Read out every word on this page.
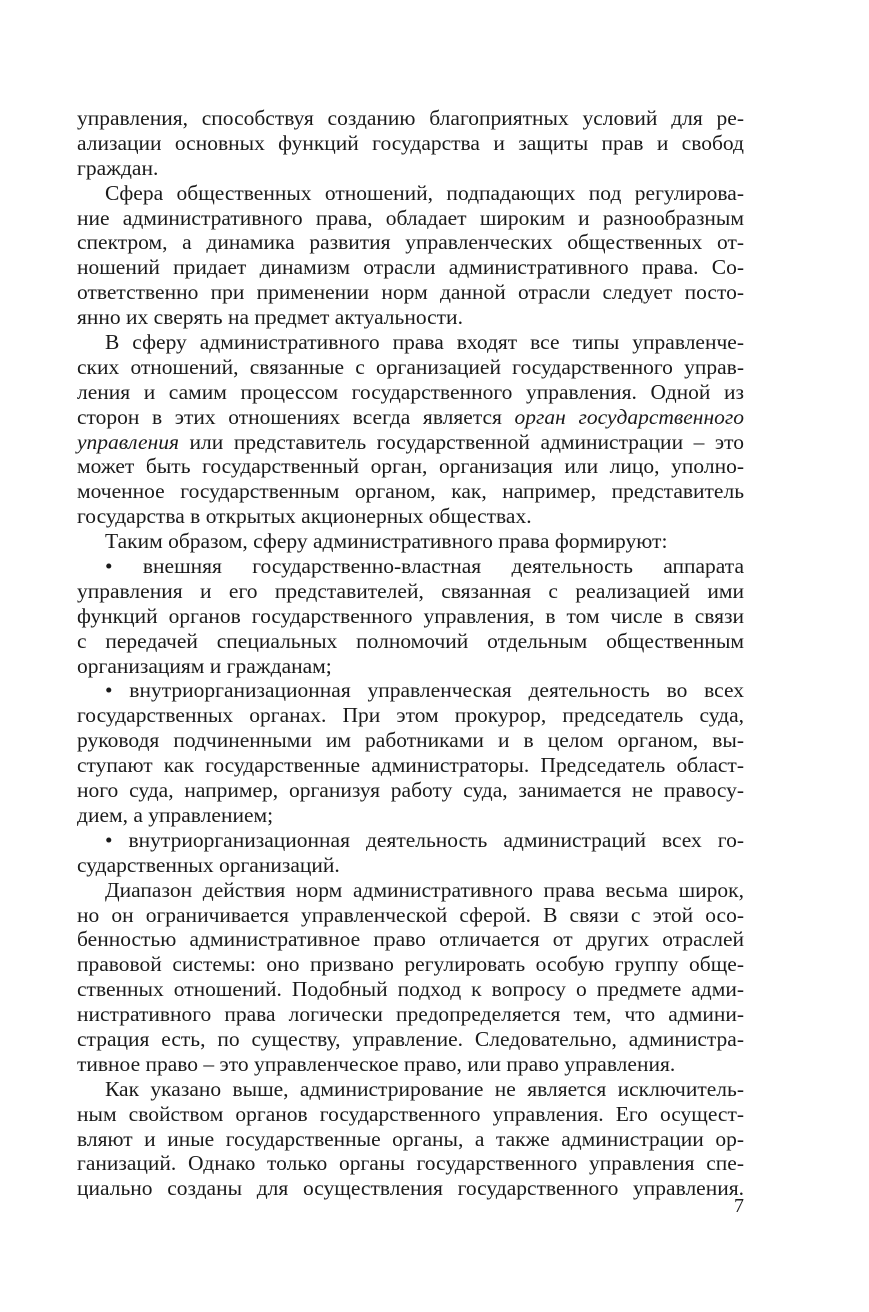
управления, способствуя созданию благоприятных условий для ре-
ализации основных функций государства и защиты прав и свобод
граждан.
Сфера общественных отношений, подпадающих под регулирова-
ние административного права, обладает широким и разнообразным
спектром, а динамика развития управленческих общественных от-
ношений придает динамизм отрасли административного права. Со-
ответственно при применении норм данной отрасли следует посто-
янно их сверять на предмет актуальности.
В сферу административного права входят все типы управленче-
ских отношений, связанные с организацией государственного управ-
ления и самим процессом государственного управления. Одной из
сторон в этих отношениях всегда является орган государственного
управления или представитель государственной администрации – это
может быть государственный орган, организация или лицо, уполно-
моченное государственным органом, как, например, представитель
государства в открытых акционерных обществах.
Таким образом, сферу административного права формируют:
• внешняя государственно-властная деятельность аппарата
управления и его представителей, связанная с реализацией ими
функций органов государственного управления, в том числе в связи
с передачей специальных полномочий отдельным общественным
организациям и гражданам;
• внутриорганизационная управленческая деятельность во всех
государственных органах. При этом прокурор, председатель суда,
руководя подчиненными им работниками и в целом органом, вы-
ступают как государственные администраторы. Председатель област-
ного суда, например, организуя работу суда, занимается не правосу-
дием, а управлением;
• внутриорганизационная деятельность администраций всех го-
сударственных организаций.
Диапазон действия норм административного права весьма широк,
но он ограничивается управленческой сферой. В связи с этой осо-
бенностью административное право отличается от других отраслей
правовой системы: оно призвано регулировать особую группу обще-
ственных отношений. Подобный подход к вопросу о предмете адми-
нистративного права логически предопределяется тем, что админи-
страция есть, по существу, управление. Следовательно, администра-
тивное право – это управленческое право, или право управления.
Как указано выше, администрирование не является исключитель-
ным свойством органов государственного управления. Его осущест-
вляют и иные государственные органы, а также администрации ор-
ганизаций. Однако только органы государственного управления спе-
циально созданы для осуществления государственного управления.
7
